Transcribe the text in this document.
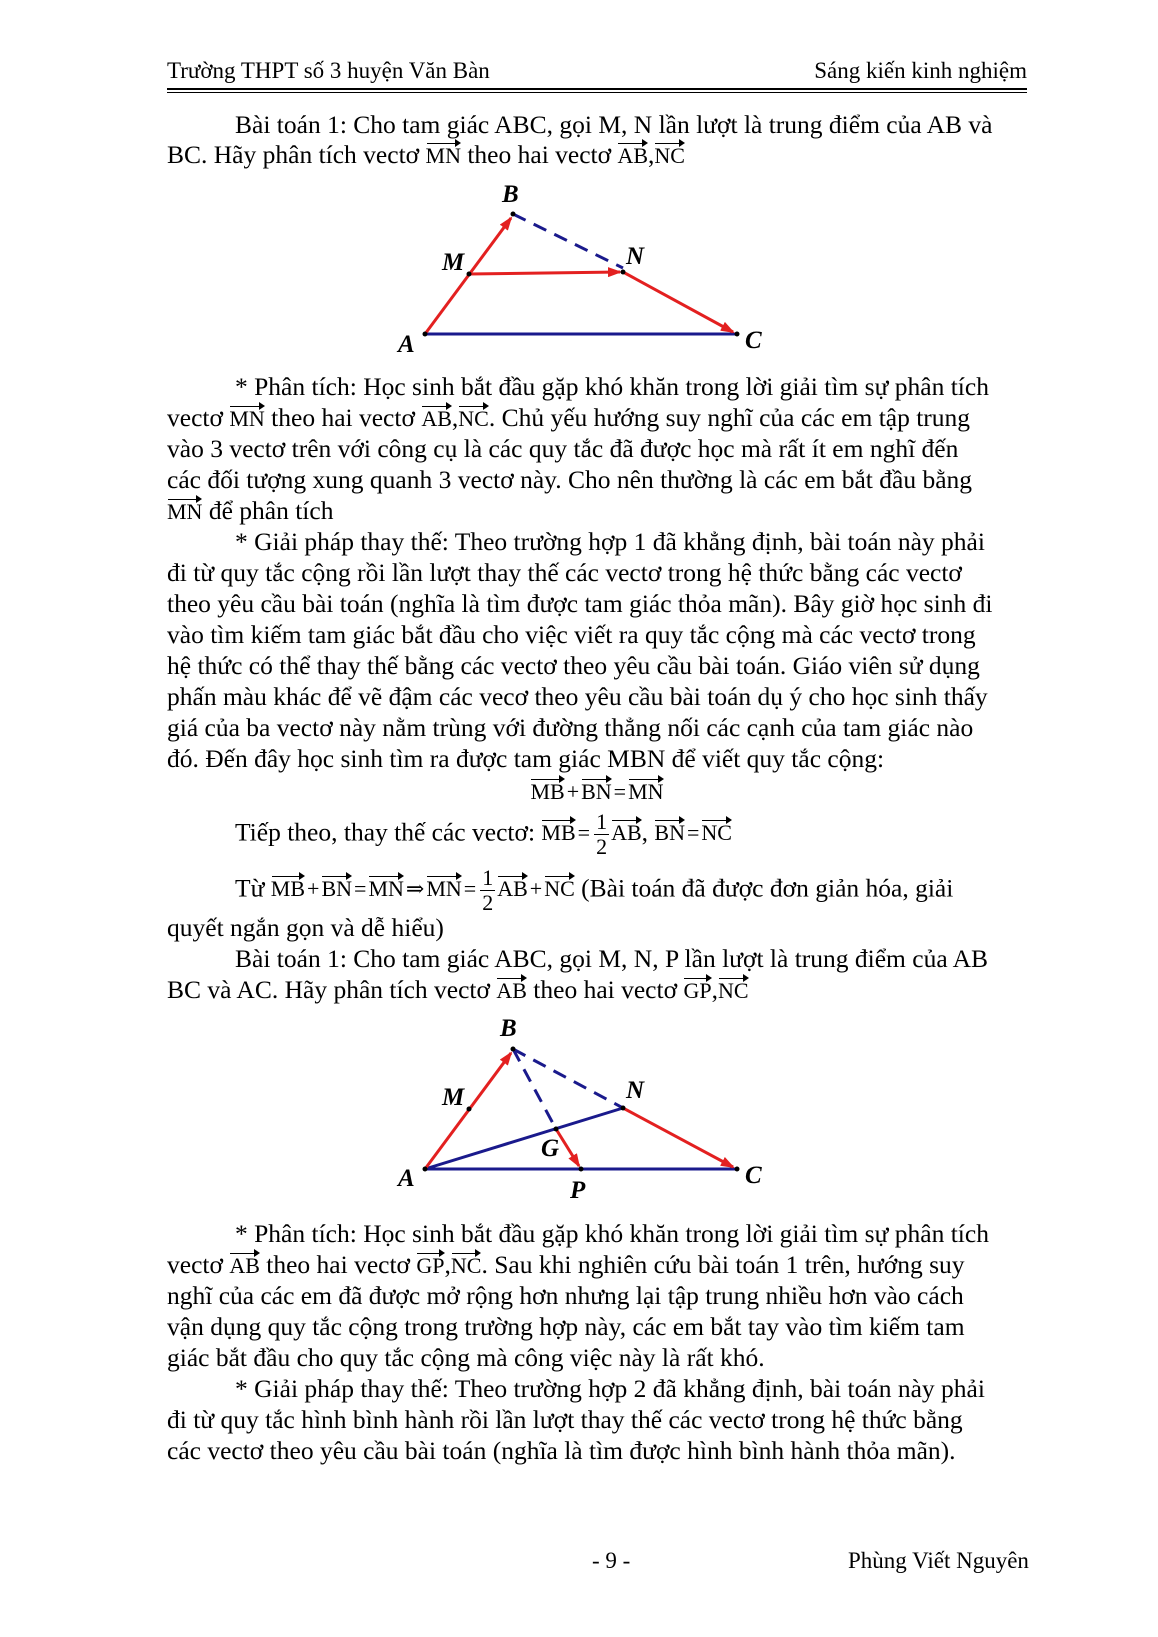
Trường THPT số 3 huyện Văn Bàn	Sáng kiến kinh nghiệm
Bài toán 1: Cho tam giác ABC, gọi M, N lần lượt là trung điểm của AB và
BC. Hãy phân tích vectơ MN theo hai vectơ AB,NC
B
M	N
A	C
* Phân tích: Học sinh bắt đầu gặp khó khăn trong lời giải tìm sự phân tích
vectơ MN theo hai vectơ AB,NC. Chủ yếu hướng suy nghĩ của các em tập trung
vào 3 vectơ trên với công cụ là các quy tắc đã được học mà rất ít em nghĩ đến
các đối tượng xung quanh 3 vectơ này. Cho nên thường là các em bắt đầu bằng
MN để phân tích
* Giải pháp thay thế: Theo trường hợp 1 đã khẳng định, bài toán này phải
đi từ quy tắc cộng rồi lần lượt thay thế các vectơ trong hệ thức bằng các vectơ
theo yêu cầu bài toán (nghĩa là tìm được tam giác thỏa mãn). Bây giờ học sinh đi
vào tìm kiếm tam giác bắt đầu cho việc viết ra quy tắc cộng mà các vectơ trong
hệ thức có thể thay thế bằng các vectơ theo yêu cầu bài toán. Giáo viên sử dụng
phấn màu khác để vẽ đậm các vecơ theo yêu cầu bài toán dụ ý cho học sinh thấy
giá của ba vectơ này nằm trùng với đường thẳng nối các cạnh của tam giác nào
đó. Đến đây học sinh tìm ra được tam giác MBN để viết quy tắc cộng:
MB+BN=MN
Tiếp theo, thay thế các vectơ: $MB= \frac{1}{2}$ AB, BN=NC
Từ MB+BN=MN⇒MN= $\frac{1}{2} AB+NC$ (Bài toán đã được đơn giản hóa, giải
quyết ngắn gọn và dễ hiểu)
Bài toán 1: Cho tam giác ABC, gọi M, N, P lần lượt là trung điểm của AB
BC và AC. Hãy phân tích vectơ AB theo hai vectơ GP,NC
B
M	N
G
A	P
C
* Phân tích: Học sinh bắt đầu gặp khó khăn trong lời giải tìm sự phân tích
vectơ AB theo hai vectơ GP,NC. Sau khi nghiên cứu bài toán 1 trên, hướng suy
nghĩ của các em đã được mở rộng hơn nhưng lại tập trung nhiều hơn vào cách
vận dụng quy tắc cộng trong trường hợp này, các em bắt tay vào tìm kiếm tam
giác bắt đầu cho quy tắc cộng mà công việc này là rất khó.
* Giải pháp thay thế: Theo trường hợp 2 đã khẳng định, bài toán này phải
đi từ quy tắc hình bình hành rồi lần lượt thay thế các vectơ trong hệ thức bằng
các vectơ theo yêu cầu bài toán (nghĩa là tìm được hình bình hành thỏa mãn).
- 9 -	Phùng Viết Nguyên
